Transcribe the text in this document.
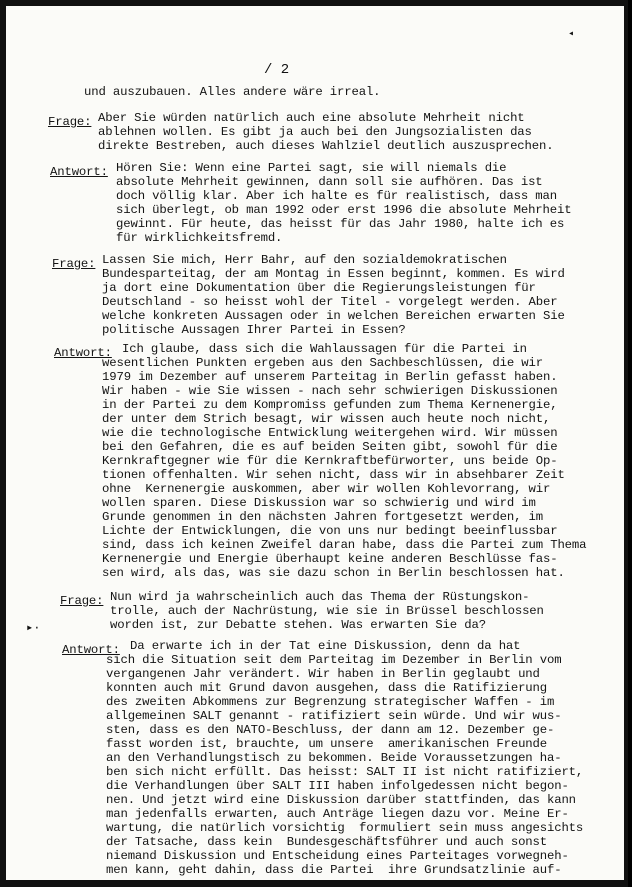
/ 2
und auszubauen. Alles andere wäre irreal.
Frage: Aber Sie würden natürlich auch eine absolute Mehrheit nicht
ablehnen wollen. Es gibt ja auch bei den Jungsozialisten das
direkte Bestreben, auch dieses Wahlziel deutlich auszusprechen.
Antwort: Hören Sie: Wenn eine Partei sagt, sie will niemals die
absolute Mehrheit gewinnen, dann soll sie aufhören. Das ist
doch völlig klar. Aber ich halte es für realistisch, dass man
sich überlegt, ob man 1992 oder erst 1996 die absolute Mehrheit
gewinnt. Für heute, das heisst für das Jahr 1980, halte ich es
für wirklichkeitsfremd.
Frage: Lassen Sie mich, Herr Bahr, auf den sozialdemokratischen
Bundesparteitag, der am Montag in Essen beginnt, kommen. Es wird
ja dort eine Dokumentation über die Regierungsleistungen für
Deutschland - so heisst wohl der Titel - vorgelegt werden. Aber
welche konkreten Aussagen oder in welchen Bereichen erwarten Sie
politische Aussagen Ihrer Partei in Essen?
Antwort: Ich glaube, dass sich die Wahlaussagen für die Partei in
wesentlichen Punkten ergeben aus den Sachbeschlüssen, die wir
1979 im Dezember auf unserem Parteitag in Berlin gefasst haben.
Wir haben - wie Sie wissen - nach sehr schwierigen Diskussionen
in der Partei zu dem Kompromiss gefunden zum Thema Kernenergie,
der unter dem Strich besagt, wir wissen auch heute noch nicht,
wie die technologische Entwicklung weitergehen wird. Wir müssen
bei den Gefahren, die es auf beiden Seiten gibt, sowohl für die
Kernkraftgegner wie für die Kernkraftbefürworter, uns beide Op-
tionen offenhalten. Wir sehen nicht, dass wir in absehbarer Zeit
ohne  Kernenergie auskommen, aber wir wollen Kohlevorrang, wir
wollen sparen. Diese Diskussion war so schwierig und wird im
Grunde genommen in den nächsten Jahren fortgesetzt werden, im
Lichte der Entwicklungen, die von uns nur bedingt beeinflussbar
sind, dass ich keinen Zweifel daran habe, dass die Partei zum Thema
Kernenergie und Energie überhaupt keine anderen Beschlüsse fas-
sen wird, als das, was sie dazu schon in Berlin beschlossen hat.
Frage: Nun wird ja wahrscheinlich auch das Thema der Rüstungskon-
trolle, auch der Nachrüstung, wie sie in Brüssel beschlossen
worden ist, zur Debatte stehen. Was erwarten Sie da?
▸·
Antwort: Da erwarte ich in der Tat eine Diskussion, denn da hat
sich die Situation seit dem Parteitag im Dezember in Berlin vom
vergangenen Jahr verändert. Wir haben in Berlin geglaubt und
konnten auch mit Grund davon ausgehen, dass die Ratifizierung
des zweiten Abkommens zur Begrenzung strategischer Waffen - im
allgemeinen SALT genannt - ratifiziert sein würde. Und wir wus-
sten, dass es den NATO-Beschluss, der dann am 12. Dezember ge-
fasst worden ist, brauchte, um unsere  amerikanischen Freunde
an den Verhandlungstisch zu bekommen. Beide Voraussetzungen ha-
ben sich nicht erfüllt. Das heisst: SALT II ist nicht ratifiziert,
die Verhandlungen über SALT III haben infolgedessen nicht begon-
nen. Und jetzt wird eine Diskussion darüber stattfinden, das kann
man jedenfalls erwarten, auch Anträge liegen dazu vor. Meine Er-
wartung, die natürlich vorsichtig  formuliert sein muss angesichts
der Tatsache, dass kein  Bundesgeschäftsführer und auch sonst
niemand Diskussion und Entscheidung eines Parteitages vorwegneh-
men kann, geht dahin, dass die Partei  ihre Grundsatzlinie auf-
◂
